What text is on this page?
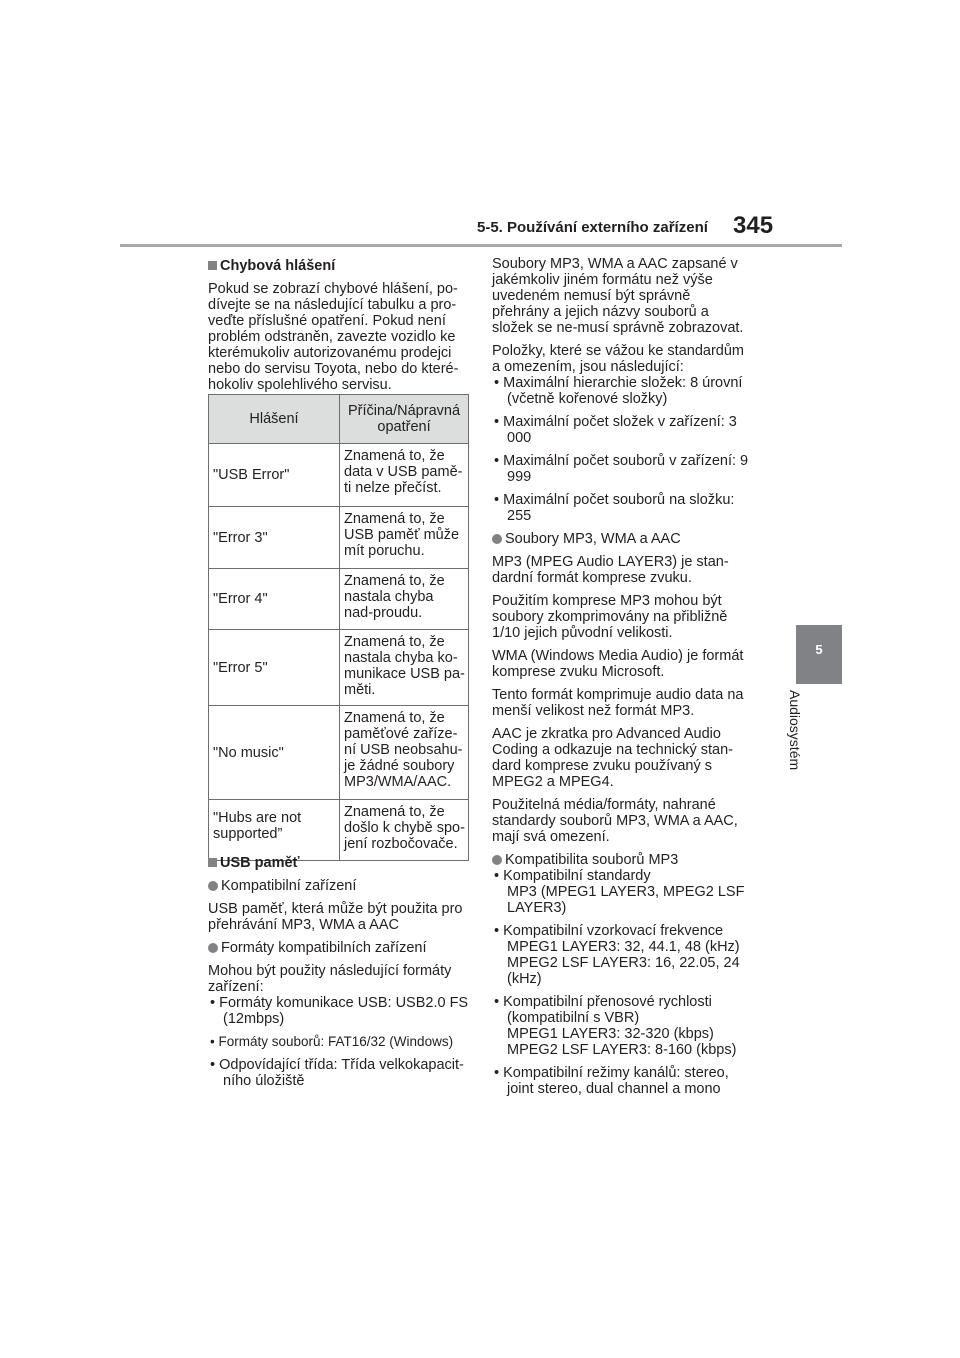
5-5. Používání externího zařízení 345
5
Audiosystém

Chybová hlášení

Pokud se zobrazí chybové hlášení, po-dívejte se na následující tabulku a pro-veďte příslušné opatření. Pokud není problém odstraněn, zavezte vozidlo ke kterémukoliv autorizovanému prodejci nebo do servisu Toyota, nebo do které-hokoliv spolehlivého servisu.

Hlášení	Příčina/Nápravná opatření
"USB Error"	Znamená to, že data v USB pamě-ti nelze přečíst.
"Error 3"	Znamená to, že USB paměť může mít poruchu.
"Error 4"	Znamená to, že nastala chyba nad-proudu.
"Error 5"	Znamená to, že nastala chyba ko-munikace USB pa-měti.
"No music"	Znamená to, že paměťové zaříze-ní USB neobsahu-je žádné soubory MP3/WMA/AAC.
"Hubs are not supported”	Znamená to, že došlo k chybě spo-jení rozbočovače.

USB paměť

Kompatibilní zařízení

USB paměť, která může být použita pro přehrávání MP3, WMA a AAC

Formáty kompatibilních zařízení

Mohou být použity následující formáty zařízení:

• Formáty komunikace USB: USB2.0 FS (12mbps)

• Formáty souborů: FAT16/32 (Windows)

• Odpovídající třída: Třída velkokapacit-ního úložiště

Soubory MP3, WMA a AAC zapsané v jakémkoliv jiném formátu než výše uvedeném nemusí být správně přehrány a jejich názvy souborů a složek se ne-musí správně zobrazovat.

Položky, které se vážou ke standardům a omezením, jsou následující:

• Maximální hierarchie složek: 8 úrovní (včetně kořenové složky)

• Maximální počet složek v zařízení: 3 000

• Maximální počet souborů v zařízení: 9 999

• Maximální počet souborů na složku: 255

Soubory MP3, WMA a AAC

MP3 (MPEG Audio LAYER3) je stan-dardní formát komprese zvuku.

Použitím komprese MP3 mohou být soubory zkomprimovány na přibližně 1/10 jejich původní velikosti.

WMA (Windows Media Audio) je formát komprese zvuku Microsoft.

Tento formát komprimuje audio data na menší velikost než formát MP3.

AAC je zkratka pro Advanced Audio Coding a odkazuje na technický stan-dard komprese zvuku používaný s MPEG2 a MPEG4.

Použitelná média/formáty, nahrané standardy souborů MP3, WMA a AAC, mají svá omezení.

Kompatibilita souborů MP3

• Kompatibilní standardy
MP3 (MPEG1 LAYER3, MPEG2 LSF LAYER3)

• Kompatibilní vzorkovací frekvence
MPEG1 LAYER3: 32, 44.1, 48 (kHz)
MPEG2 LSF LAYER3: 16, 22.05, 24 (kHz)

• Kompatibilní přenosové rychlosti (kompatibilní s VBR)
MPEG1 LAYER3: 32-320 (kbps)
MPEG2 LSF LAYER3: 8-160 (kbps)

• Kompatibilní režimy kanálů: stereo, joint stereo, dual channel a mono
